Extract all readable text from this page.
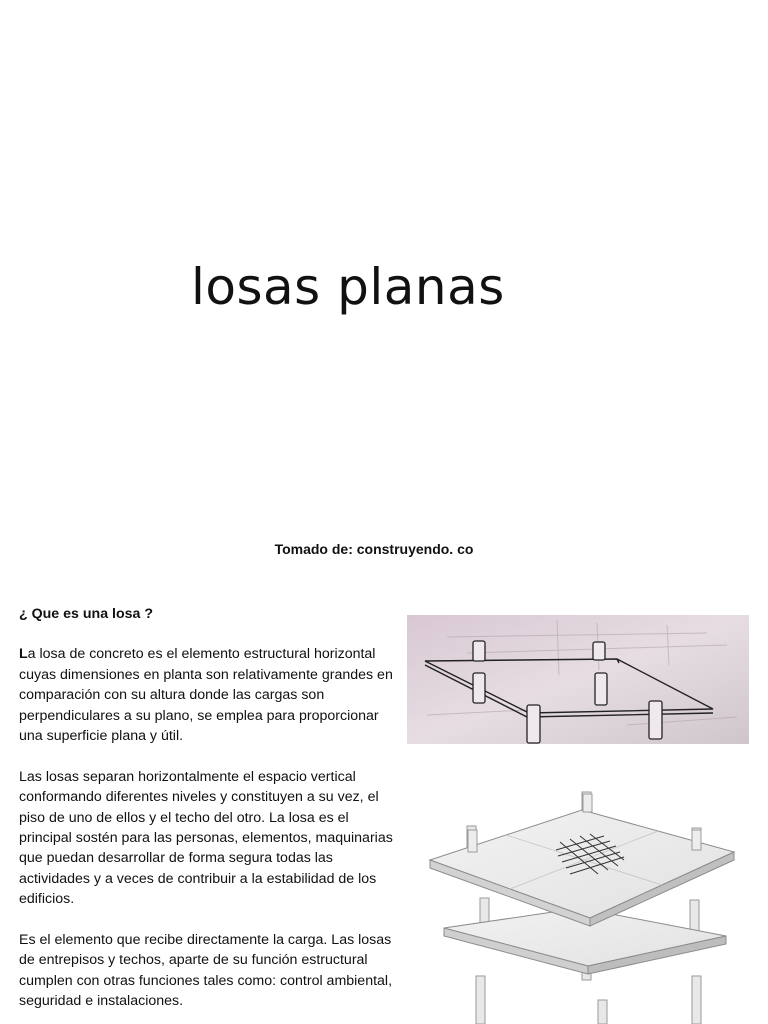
losas planas
Tomado de: construyendo. co
¿ Que es una losa ?
La losa de concreto es el elemento estructural horizontal cuyas dimensiones en planta son relativamente grandes en comparación con su altura donde las cargas son perpendiculares a su plano, se emplea para proporcionar una superficie plana y útil.
Las losas separan horizontalmente el espacio vertical conformando diferentes niveles y constituyen a su vez, el piso de uno de ellos y el techo del otro. La losa es el principal sostén para las personas, elementos, maquinarias que puedan desarrollar de forma segura todas las actividades y a veces de contribuir a la estabilidad de los edificios.
Es el elemento que recibe directamente la carga. Las losas de entrepisos y techos, aparte de su función estructural cumplen con otras funciones tales como: control ambiental, seguridad e instalaciones.
